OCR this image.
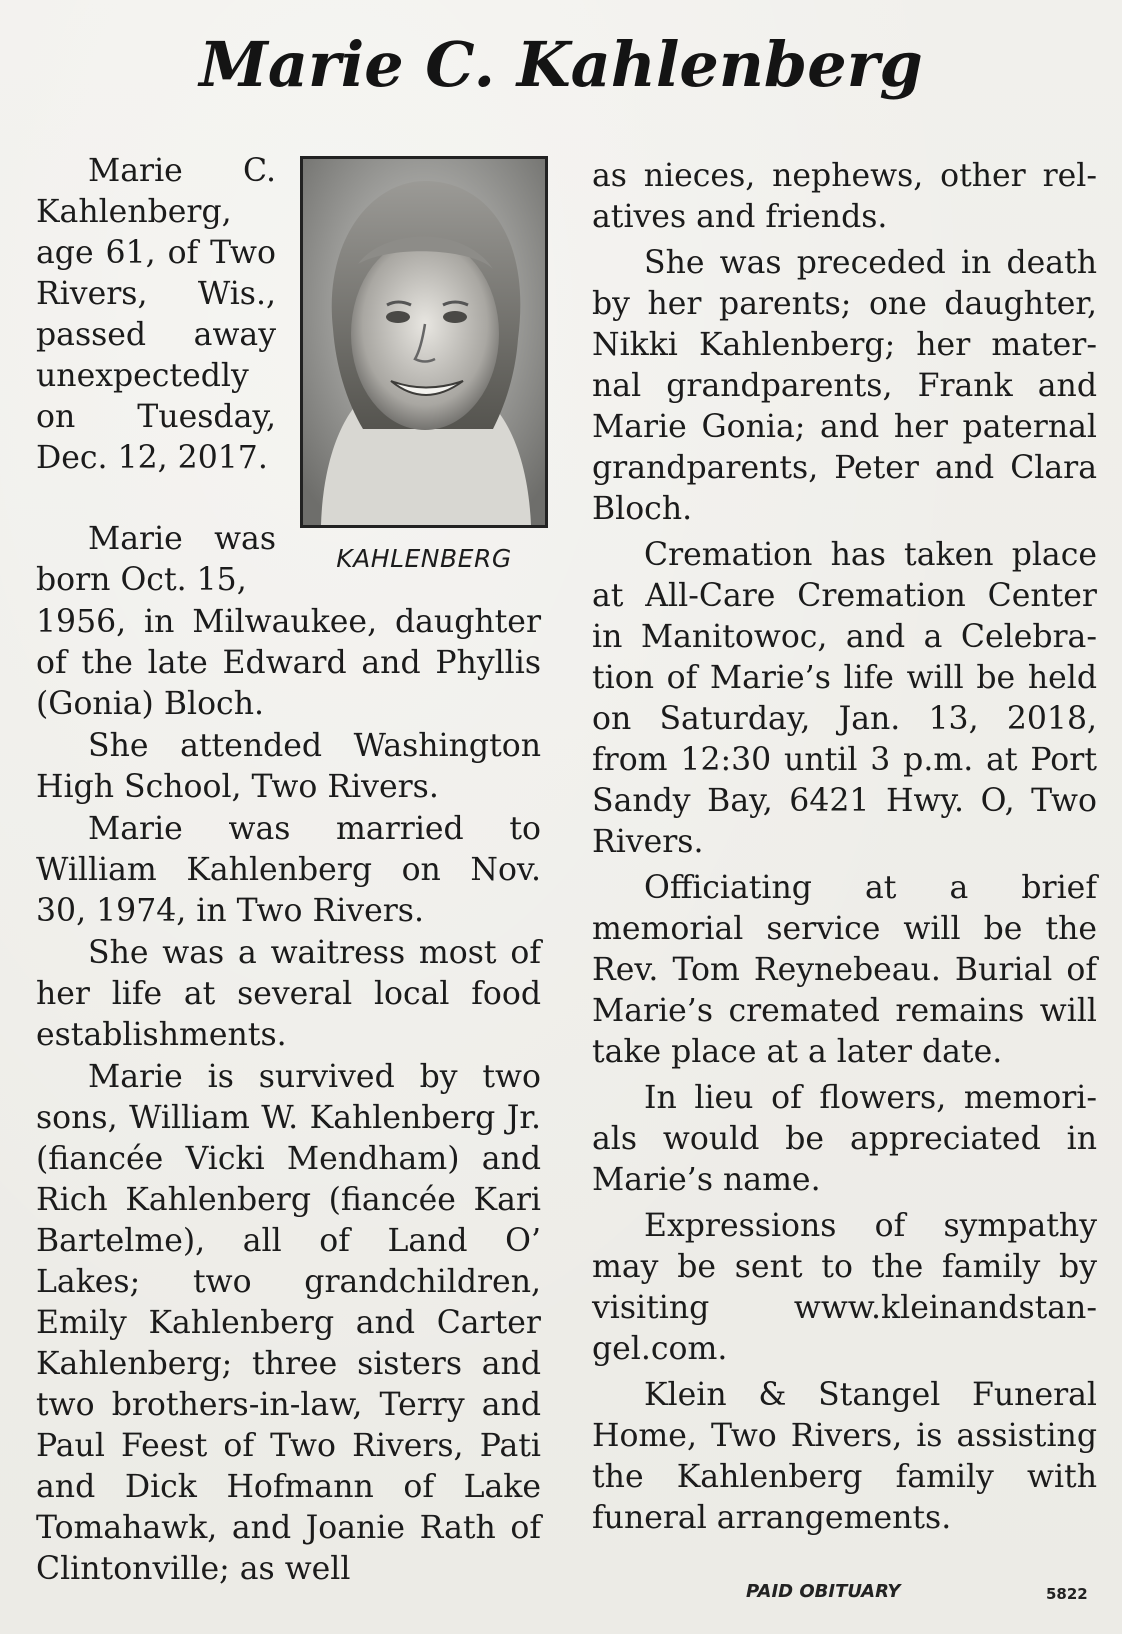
Marie C. Kahlenberg

Marie C. Kahlenberg, age 61, of Two Rivers, Wis., passed away unexpectedly on Tuesday, Dec. 12, 2017.

KAHLENBERG

Marie was born Oct. 15,

1956, in Milwaukee, daughter of the late Edward and Phyllis (Gonia) Bloch.

She attended Washington High School, Two Rivers.

Marie was married to William Kahlenberg on Nov. 30, 1974, in Two Rivers.

She was a waitress most of her life at several local food establishments.

Marie is survived by two sons, William W. Kahlenberg Jr. (fiancée Vicki Mendham) and Rich Kahlenberg (fiancée Kari Bartelme), all of Land O’ Lakes; two grandchildren, Emily Kahlenberg and Carter Kahlenberg; three sisters and two brothers-in-law, Terry and Paul Feest of Two Rivers, Pati and Dick Hofmann of Lake Tomahawk, and Joanie Rath of Clintonville; as well

as nieces, nephews, other relatives and friends.

She was preceded in death by her parents; one daughter, Nikki Kahlenberg; her maternal grandparents, Frank and Marie Gonia; and her paternal grandparents, Peter and Clara Bloch.

Cremation has taken place at All-Care Cremation Center in Manitowoc, and a Celebration of Marie’s life will be held on Saturday, Jan. 13, 2018, from 12:30 until 3 p.m. at Port Sandy Bay, 6421 Hwy. O, Two Rivers.

Officiating at a brief memorial service will be the Rev. Tom Reynebeau. Burial of Marie’s cremated remains will take place at a later date.

In lieu of flowers, memorials would be appreciated in Marie’s name.

Expressions of sympathy may be sent to the family by visiting www.kleinandstangel.com.

Klein & Stangel Funeral Home, Two Rivers, is assisting the Kahlenberg family with funeral arrangements.

PAID OBITUARY	5822
